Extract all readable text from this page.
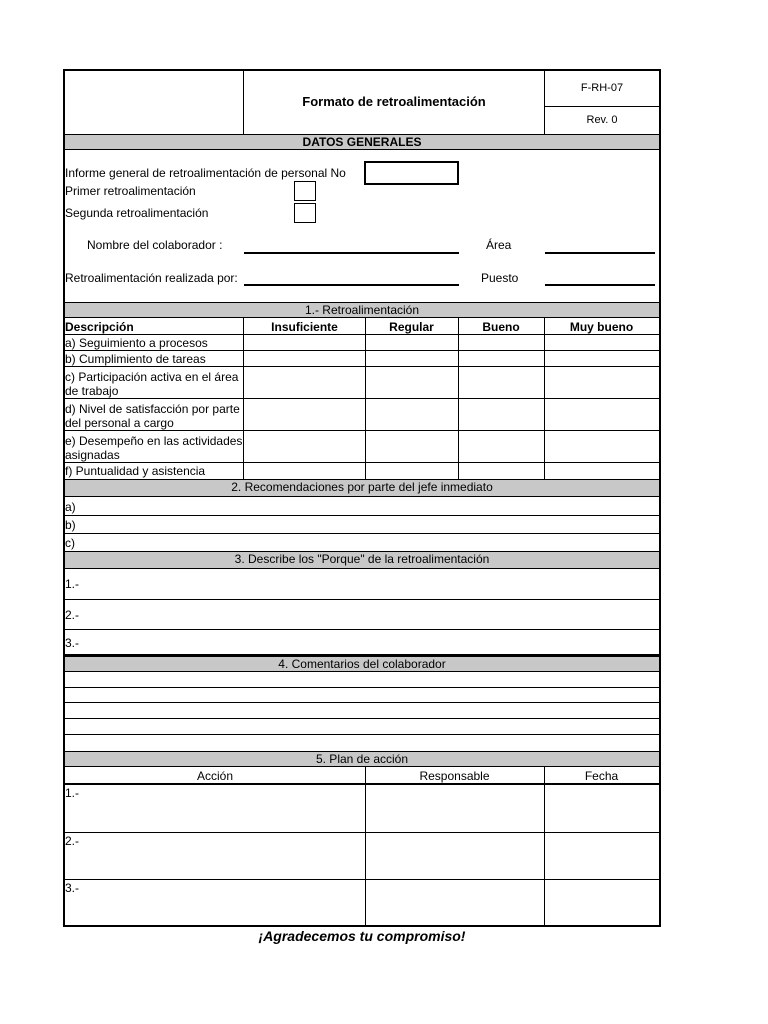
Formato de retroalimentación
F-RH-07
Rev. 0
DATOS GENERALES
Informe general de retroalimentación de personal No
Primer retroalimentación
Segunda retroalimentación
Nombre del colaborador :	Área
Retroalimentación realizada por:	Puesto
1.- Retroalimentación
Descripción	Insuficiente	Regular	Bueno	Muy bueno
a) Seguimiento a procesos
b) Cumplimiento de tareas
c) Participación activa en el área
de trabajo
d) Nivel de satisfacción por parte
del personal a cargo
e) Desempeño en las actividades
asignadas
f) Puntualidad y asistencia
2. Recomendaciones por parte del jefe inmediato
a)
b)
c)
3. Describe los "Porque" de la retroalimentación
1.-
2.-
3.-
4. Comentarios del colaborador
5. Plan de acción
Acción	Responsable	Fecha
1.-
2.-
3.-
¡Agradecemos tu compromiso!
